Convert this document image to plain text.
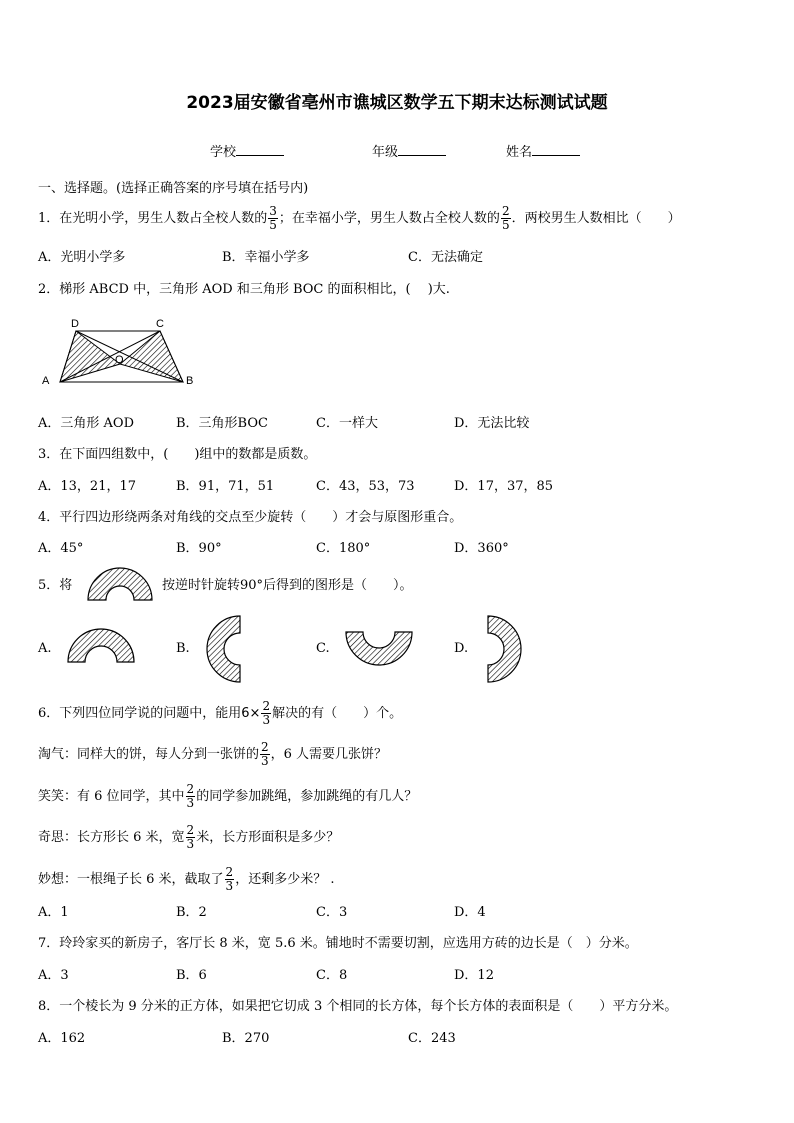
2023届安徽省亳州市谯城区数学五下期末达标测试试题
学校	年级	姓名
一、选择题。(选择正确答案的序号填在括号内)
1．在光明小学，男生人数占全校人数的 $\frac{3}{5}$ ；在幸福小学，男生人数占全校人数的 $\frac{2}{5}$ ．两校男生人数相比（　　）
A．光明小学多	B．幸福小学多	C．无法确定
2．梯形 ABCD 中，三角形 AOD 和三角形 BOC 的面积相比，(　 )大.
D	C
O
A	B
A．三角形 AOD	B．三角形BOC	C．一样大	D．无法比较
3．在下面四组数中，(　　)组中的数都是质数。
A．13，21，17	B．91，71，51	C．43，53，73	D．17，37，85
4．平行四边形绕两条对角线的交点至少旋转（　　）才会与原图形重合。
A．45°	B．90°	C．180°	D．360°
5．将	按逆时针旋转90°后得到的图形是（　　）。
A.	B.	C.	D.
6．下列四位同学说的问题中，能用$6\times \frac{2}{3}$ 解决的有（　　）个。
淘气：同样大的饼，每人分到一张饼的 $\frac{2}{3}$ ，6 人需要几张饼？
笑笑：有 6 位同学，其中 $\frac{2}{3}$ 的同学参加跳绳，参加跳绳的有几人？
奇思：长方形长 6 米，宽 $\frac{2}{3}$ 米，长方形面积是多少？
妙想：一根绳子长 6 米，截取了 $\frac{2}{3}$ ，还剩多少米？ .
A．1	B．2	C．3	D．4
7．玲玲家买的新房子，客厅长 8 米，宽 5.6 米。铺地时不需要切割，应选用方砖的边长是（　）分米。
A．3	B．6	C．8	D．12
8．一个棱长为 9 分米的正方体，如果把它切成 3 个相同的长方体，每个长方体的表面积是（　　）平方分米。
A．162	B．270	C．243
